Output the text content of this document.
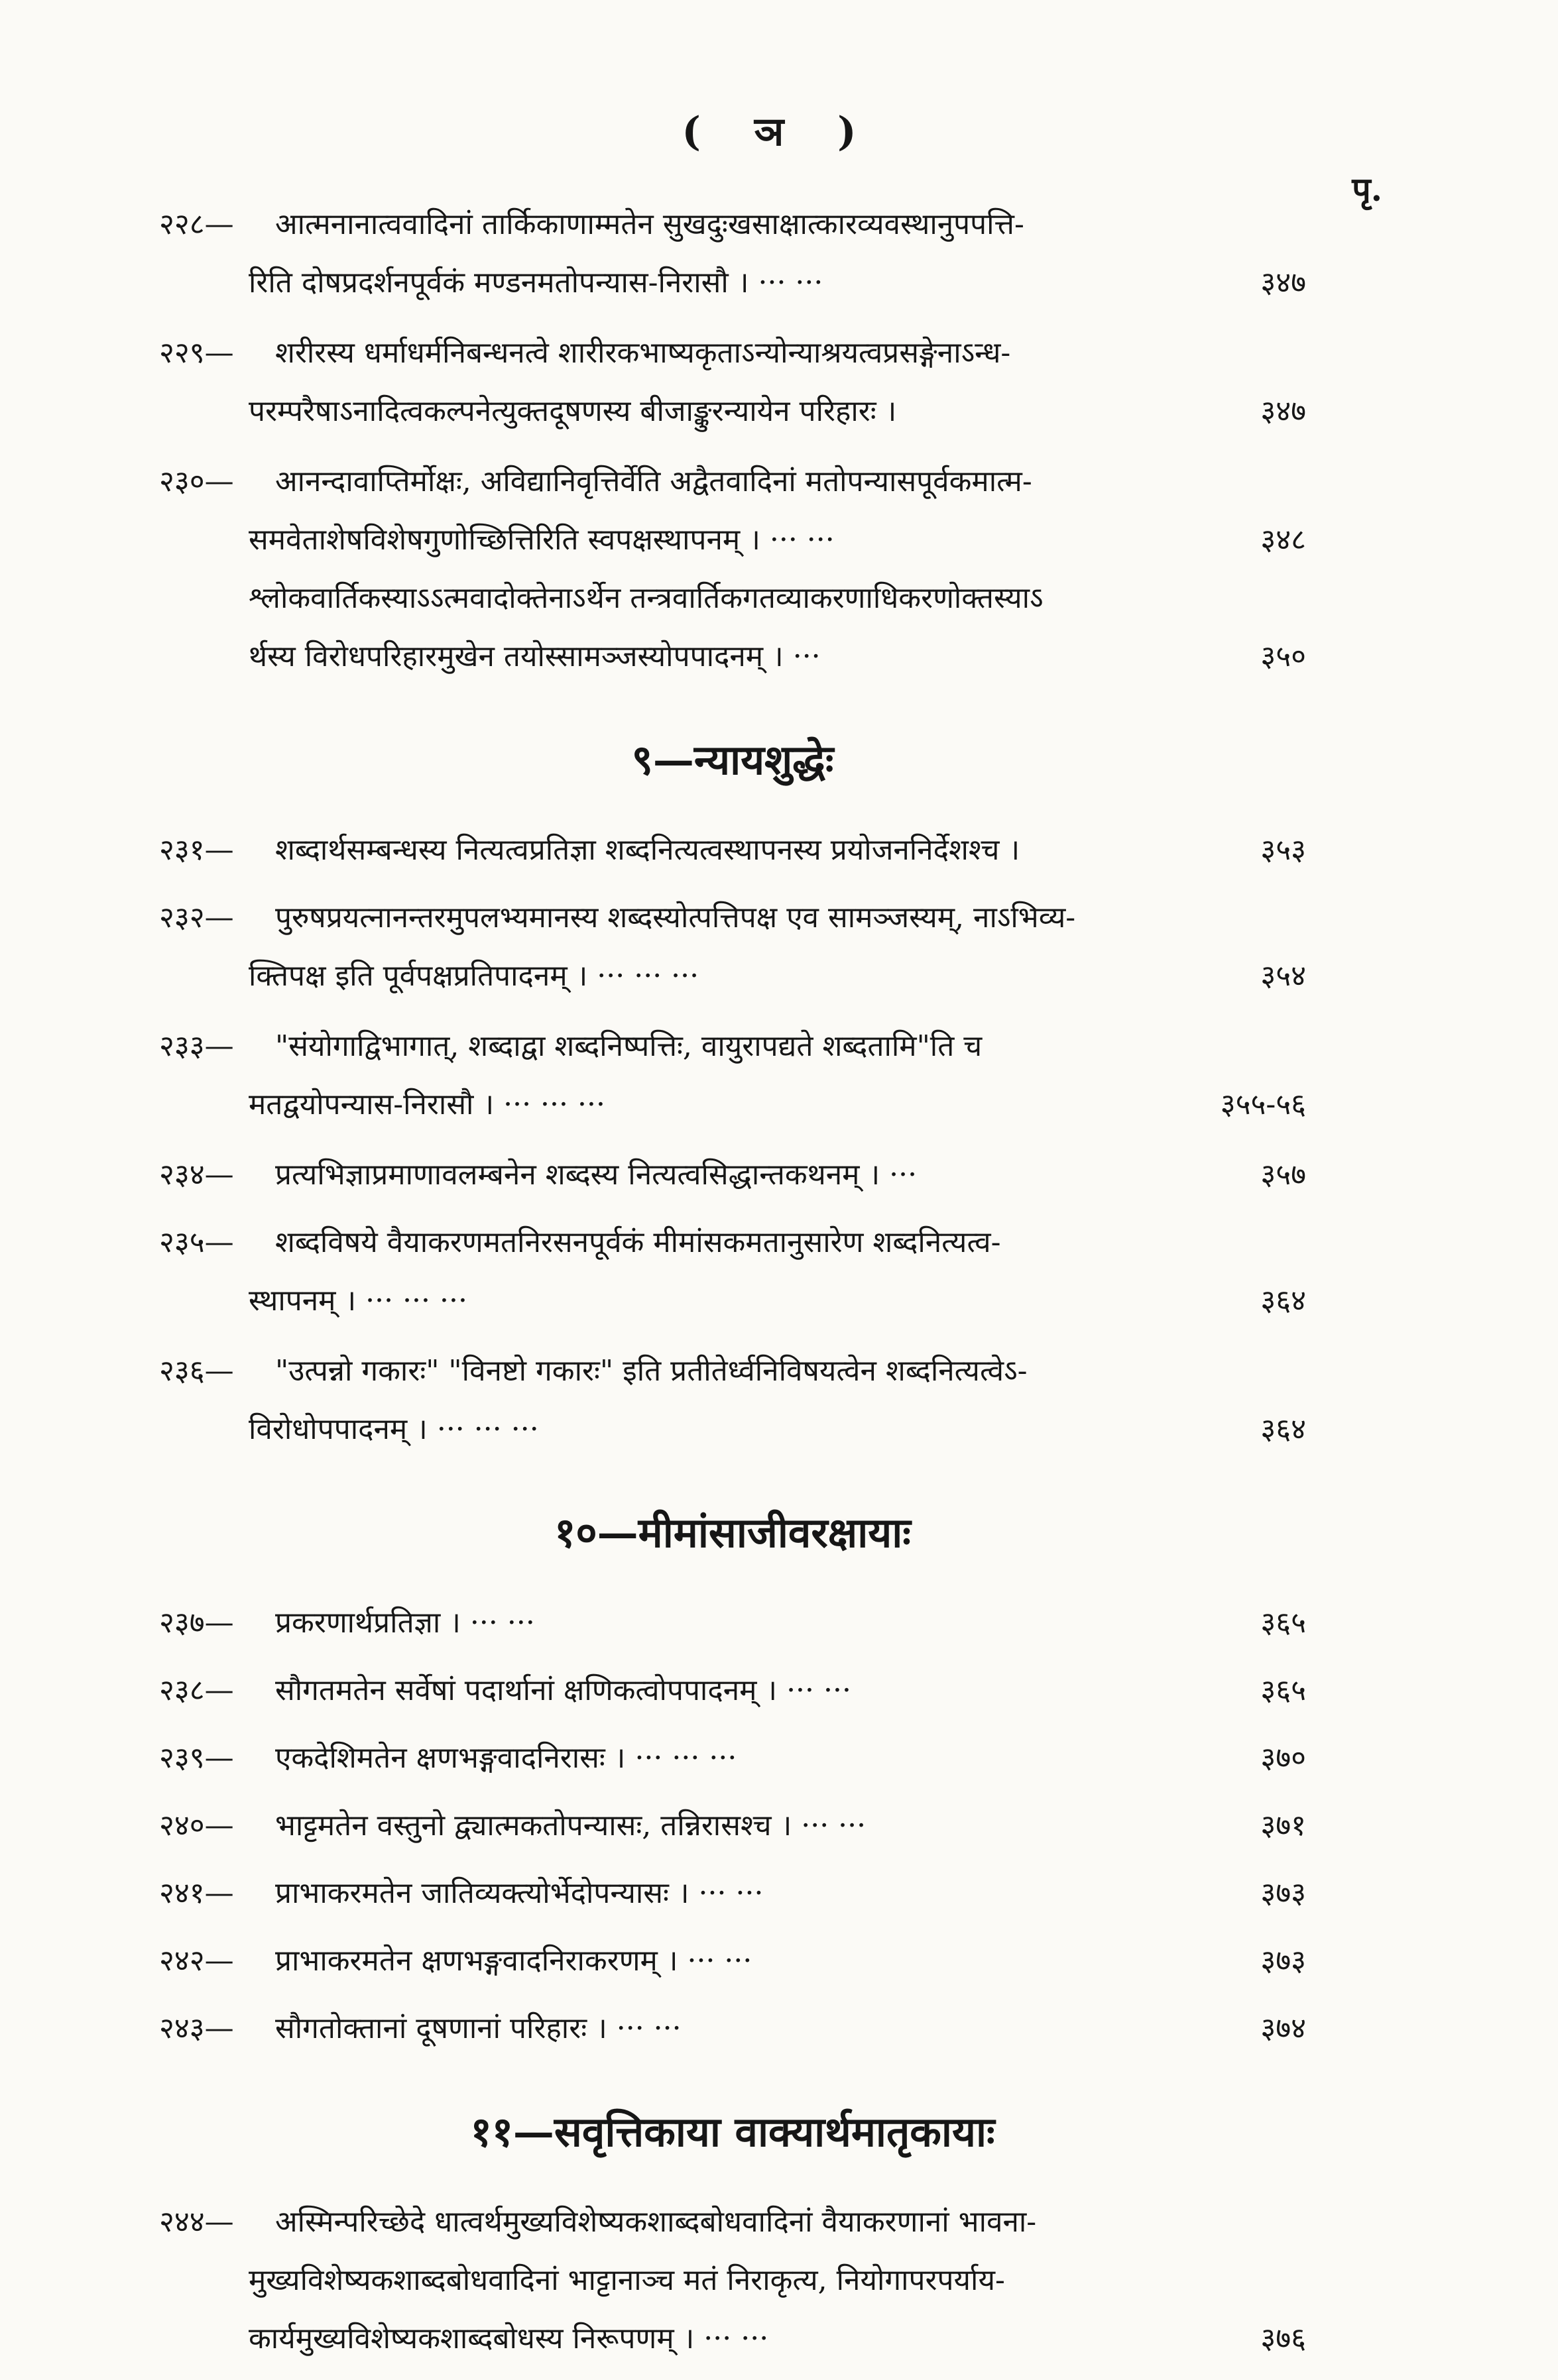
( ञ )
पृ.
२२८— आत्मनानात्ववादिनां तार्किकाणाम्मतेन सुखदुःखसाक्षात्कारव्यवस्थानुपपत्ति-
रिति दोषप्रदर्शनपूर्वकं मण्डनमतोपन्यास-निरासौ । ··· ···	३४७
२२९— शरीरस्य धर्माधर्मनिबन्धनत्वे शारीरकभाष्यकृताऽन्योन्याश्रयत्वप्रसङ्गेनाऽन्ध-
परम्परैषाऽनादित्वकल्पनेत्युक्तदूषणस्य बीजाङ्कुरन्यायेन परिहारः ।	३४७
२३०— आनन्दावाप्तिर्मोक्षः, अविद्यानिवृत्तिर्वेति अद्वैतवादिनां मतोपन्यासपूर्वकमात्म-
समवेताशेषविशेषगुणोच्छित्तिरिति स्वपक्षस्थापनम् । ··· ···	३४८
श्लोकवार्तिकस्याऽऽत्मवादोक्तेनाऽर्थेन तन्त्रवार्तिकगतव्याकरणाधिकरणोक्तस्याऽ
र्थस्य विरोधपरिहारमुखेन तयोस्सामञ्जस्योपपादनम् । ···	३५०
९—न्यायशुद्धेः
२३१— शब्दार्थसम्बन्धस्य नित्यत्वप्रतिज्ञा शब्दनित्यत्वस्थापनस्य प्रयोजननिर्देशश्च ।	३५३
२३२— पुरुषप्रयत्नानन्तरमुपलभ्यमानस्य शब्दस्योत्पत्तिपक्ष एव सामञ्जस्यम्, नाऽभिव्य-
क्तिपक्ष इति पूर्वपक्षप्रतिपादनम् । ··· ··· ···	३५४
२३३— "संयोगाद्विभागात्, शब्दाद्वा शब्दनिष्पत्तिः, वायुरापद्यते शब्दतामि"ति च
मतद्वयोपन्यास-निरासौ । ··· ··· ···	३५५-५६
२३४— प्रत्यभिज्ञाप्रमाणावलम्बनेन शब्दस्य नित्यत्वसिद्धान्तकथनम् । ···	३५७
२३५— शब्दविषये वैयाकरणमतनिरसनपूर्वकं मीमांसकमतानुसारेण शब्दनित्यत्व-
स्थापनम् । ··· ··· ···	३६४
२३६— "उत्पन्नो गकारः" "विनष्टो गकारः" इति प्रतीतेर्ध्वनिविषयत्वेन शब्दनित्यत्वेऽ-
विरोधोपपादनम् । ··· ··· ···	३६४
१०—मीमांसाजीवरक्षायाः
२३७— प्रकरणार्थप्रतिज्ञा । ··· ···	३६५
२३८— सौगतमतेन सर्वेषां पदार्थानां क्षणिकत्वोपपादनम् । ··· ···	३६५
२३९— एकदेशिमतेन क्षणभङ्गवादनिरासः । ··· ··· ···	३७०
२४०— भाट्टमतेन वस्तुनो द्व्यात्मकतोपन्यासः, तन्निरासश्च । ··· ···	३७१
२४१— प्राभाकरमतेन जातिव्यक्त्योर्भेदोपन्यासः । ··· ···	३७३
२४२— प्राभाकरमतेन क्षणभङ्गवादनिराकरणम् । ··· ···	३७३
२४३— सौगतोक्तानां दूषणानां परिहारः । ··· ···	३७४
११—सवृत्तिकाया वाक्यार्थमातृकायाः
२४४— अस्मिन्परिच्छेदे धात्वर्थमुख्यविशेष्यकशाब्दबोधवादिनां वैयाकरणानां भावना-
मुख्यविशेष्यकशाब्दबोधवादिनां भाट्टानाञ्च मतं निराकृत्य, नियोगापरपर्याय-
कार्यमुख्यविशेष्यकशाब्दबोधस्य निरूपणम् । ··· ···	३७६
